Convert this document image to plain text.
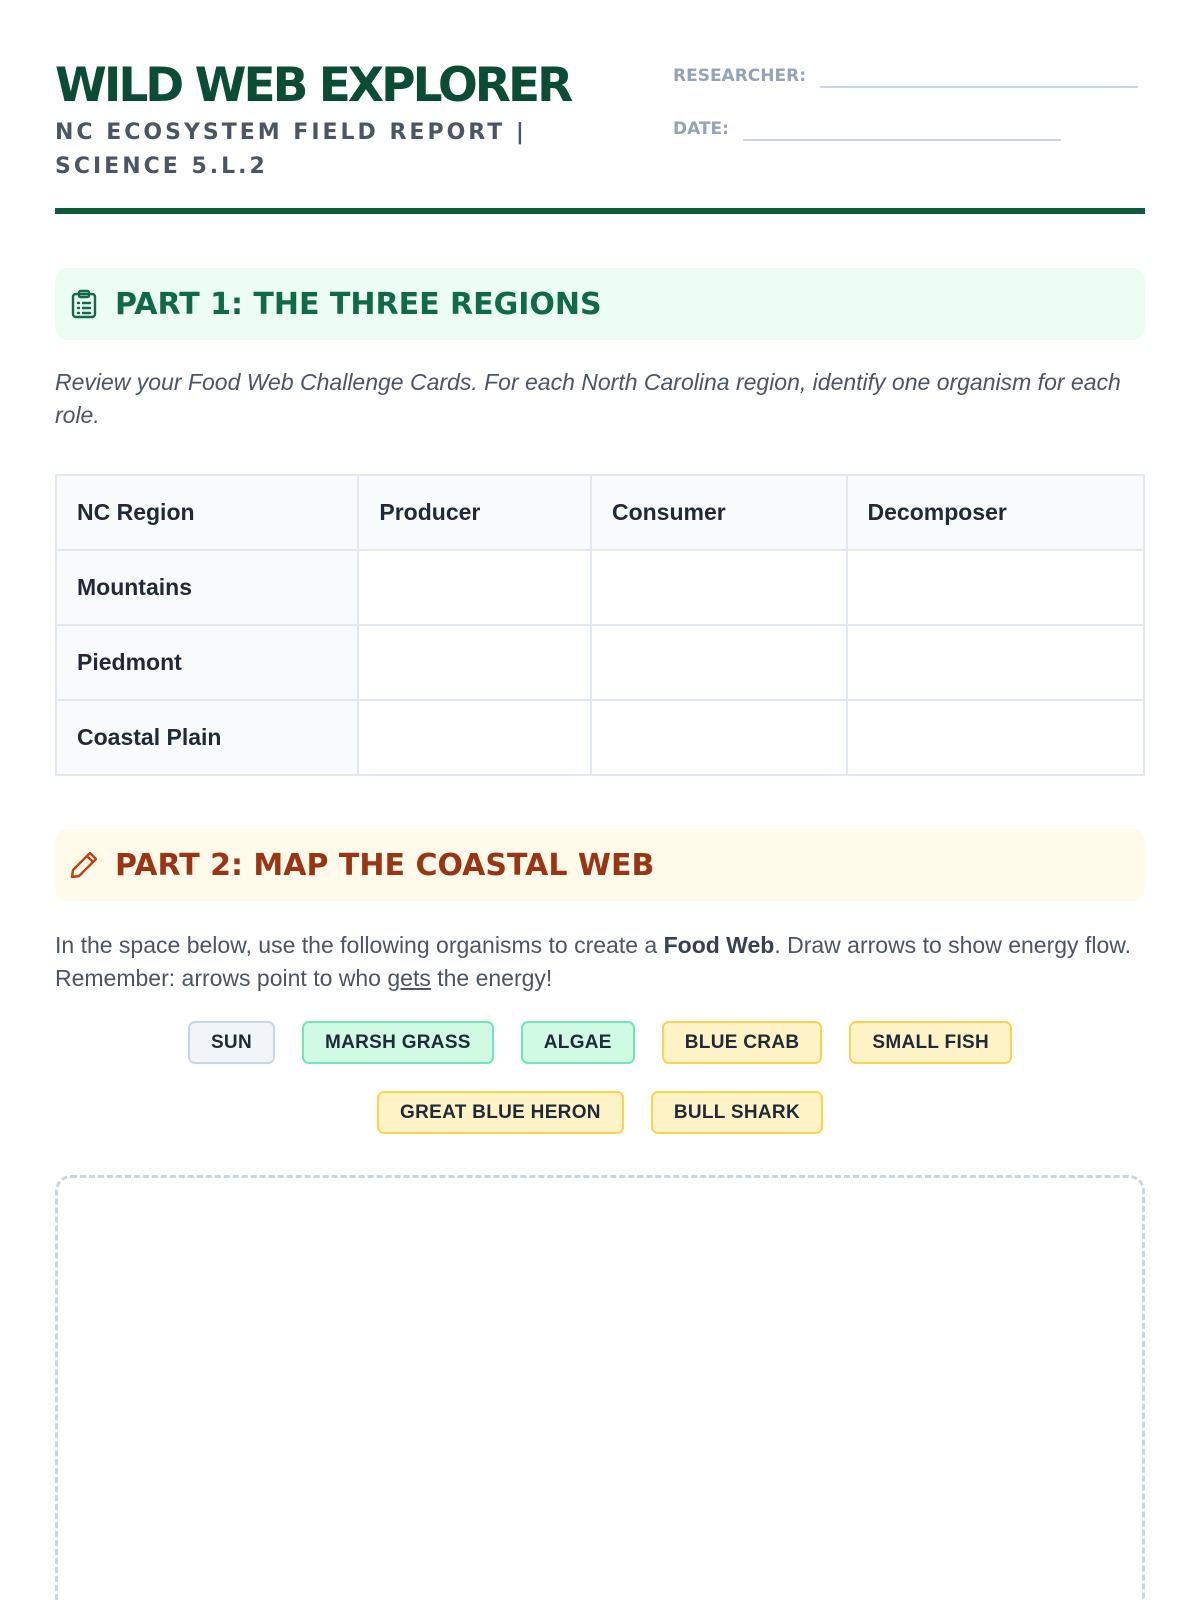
WILD WEB EXPLORER
NC ECOSYSTEM FIELD REPORT | SCIENCE 5.L.2
RESEARCHER:
DATE:
PART 1: THE THREE REGIONS
Review your Food Web Challenge Cards. For each North Carolina region, identify one organism for each role.
NC Region	Producer	Consumer	Decomposer
Mountains			
Piedmont			
Coastal Plain			
PART 2: MAP THE COASTAL WEB

In the space below, use the following organisms to create a Food Web. Draw arrows to show energy flow. Remember: arrows point to who gets the energy!

SUN	MARSH GRASS	ALGAE	BLUE CRAB	SMALL FISH
GREAT BLUE HERON	BULL SHARK
